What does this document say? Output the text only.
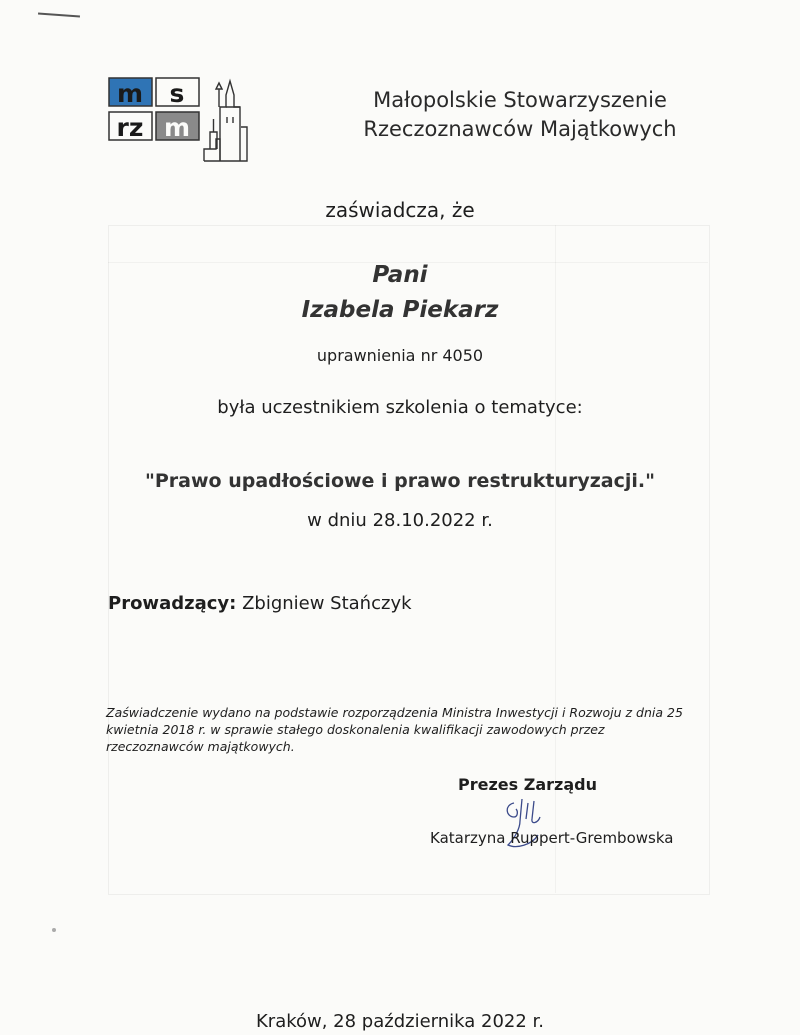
m s
rz m
Małopolskie Stowarzyszenie
Rzeczoznawców Majątkowych
zaświadcza, że
Pani
Izabela Piekarz
uprawnienia nr 4050
była uczestnikiem szkolenia o tematyce:
"Prawo upadłościowe i prawo restrukturyzacji."
w dniu 28.10.2022 r.
Prowadzący: Zbigniew Stańczyk
Zaświadczenie wydano na podstawie rozporządzenia Ministra Inwestycji i Rozwoju z dnia 25 kwietnia 2018 r. w sprawie stałego doskonalenia kwalifikacji zawodowych przez rzeczoznawców majątkowych.
Prezes Zarządu
Katarzyna Ruppert-Grembowska
Kraków, 28 października 2022 r.
